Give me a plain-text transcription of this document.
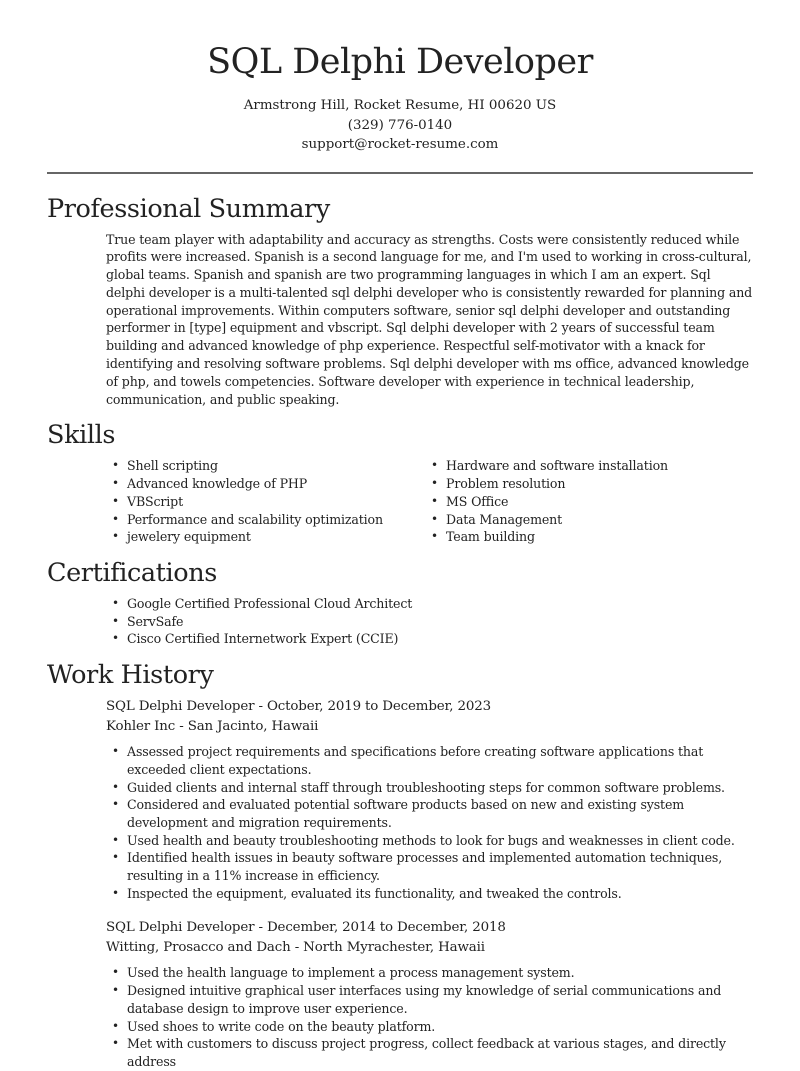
SQL Delphi Developer
Armstrong Hill, Rocket Resume, HI 00620 US
(329) 776-0140
support@rocket-resume.com
Professional Summary

True team player with adaptability and accuracy as strengths. Costs were consistently reduced while profits were increased. Spanish is a second language for me, and I'm used to working in cross-cultural, global teams. Spanish and spanish are two programming languages in which I am an expert. Sql delphi developer is a multi-talented sql delphi developer who is consistently rewarded for planning and operational improvements. Within computers software, senior sql delphi developer and outstanding performer in [type] equipment and vbscript. Sql delphi developer with 2 years of successful team building and advanced knowledge of php experience. Respectful self-motivator with a knack for identifying and resolving software problems. Sql delphi developer with ms office, advanced knowledge of php, and towels competencies. Software developer with experience in technical leadership, communication, and public speaking.

Skills
• Shell scripting
• Advanced knowledge of PHP
• VBScript
• Performance and scalability optimization
• jewelery equipment
• Hardware and software installation
• Problem resolution
• MS Office
• Data Management
• Team building
Certifications
• Google Certified Professional Cloud Architect
• ServSafe
• Cisco Certified Internetwork Expert (CCIE)
Work History
SQL Delphi Developer - October, 2019 to December, 2023
Kohler Inc - San Jacinto, Hawaii
• Assessed project requirements and specifications before creating software applications that exceeded client expectations.
• Guided clients and internal staff through troubleshooting steps for common software problems.
• Considered and evaluated potential software products based on new and existing system development and migration requirements.
• Used health and beauty troubleshooting methods to look for bugs and weaknesses in client code.
• Identified health issues in beauty software processes and implemented automation techniques, resulting in a 11% increase in efficiency.
• Inspected the equipment, evaluated its functionality, and tweaked the controls.
SQL Delphi Developer - December, 2014 to December, 2018
Witting, Prosacco and Dach - North Myrachester, Hawaii
• Used the health language to implement a process management system.
• Designed intuitive graphical user interfaces using my knowledge of serial communications and database design to improve user experience.
• Used shoes to write code on the beauty platform.
• Met with customers to discuss project progress, collect feedback at various stages, and directly address
